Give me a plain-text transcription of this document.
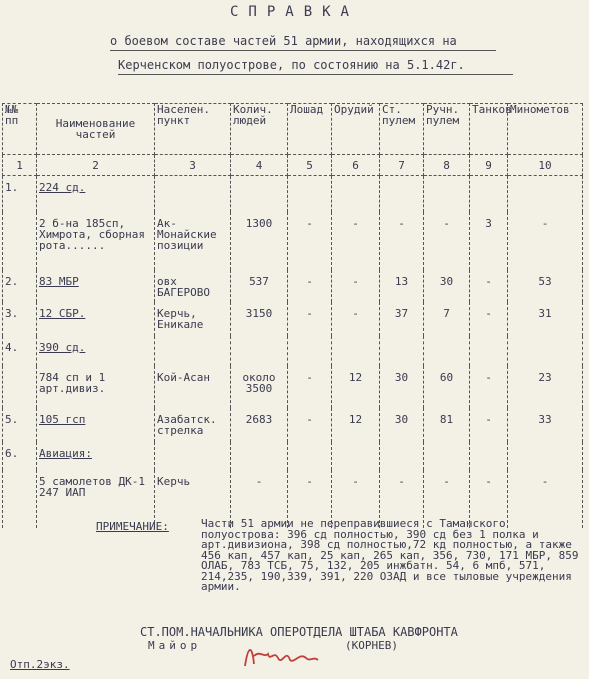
СПРАВКА
о боевом составе частей 51 армии, находящихся на
Керченском полуострове, по состоянию на 5.1.42г.
№№ пп	Наименование частей	Населен. пункт	Колич. людей	Лошад	Орудий	Ст. пулем	Ручн. пулем	Танков	Минометов
1	2	3	4	5	6	7	8	9	10
1.	224 сд.								
	2 б-на 185сп, Химрота, сборная рота......	Ак-Монайские позиции	1300	-	-	-	-	3	-
2.	83 МБР	овх БАГЕРОВО	537	-	-	13	30	-	53
3.	12 СБР.	Керчь, Еникале	3150	-	-	37	7	-	31
4.	390 сд.								
	784 сп и 1 арт.дивиз.	Кой-Асан	около 3500	-	12	30	60	-	23
5.	105 гсп	Азабатск. стрелка	2683	-	12	30	81	-	33
6.	Авиация:								
	5 самолетов ДК-1 247 ИАП	Керчь	-	-	-	-	-	-	-
ПРИМЕЧАНИЕ:	Части 51 армии не переправившиеся с Таманского полуострова: 396 сд полностью, 390 сд без 1 полка и арт.дивизиона, 398 сд полностью,72 кд полностью, а также 456 кап, 457 кап, 25 кап, 265 кап, 356, 730, 171 МБР, 859 ОЛАБ, 783 ТСБ, 75, 132, 205 инжбатн. 54, 6 мпб, 571, 214,235, 190,339, 391, 220 ОЗАД и все тыловые учреждения армии.
СТ.ПОМ.НАЧАЛЬНИКА ОПЕРОТДЕЛА ШТАБА КАВФРОНТА
Майор	(КОРНЕВ)
Отп.2экз.
